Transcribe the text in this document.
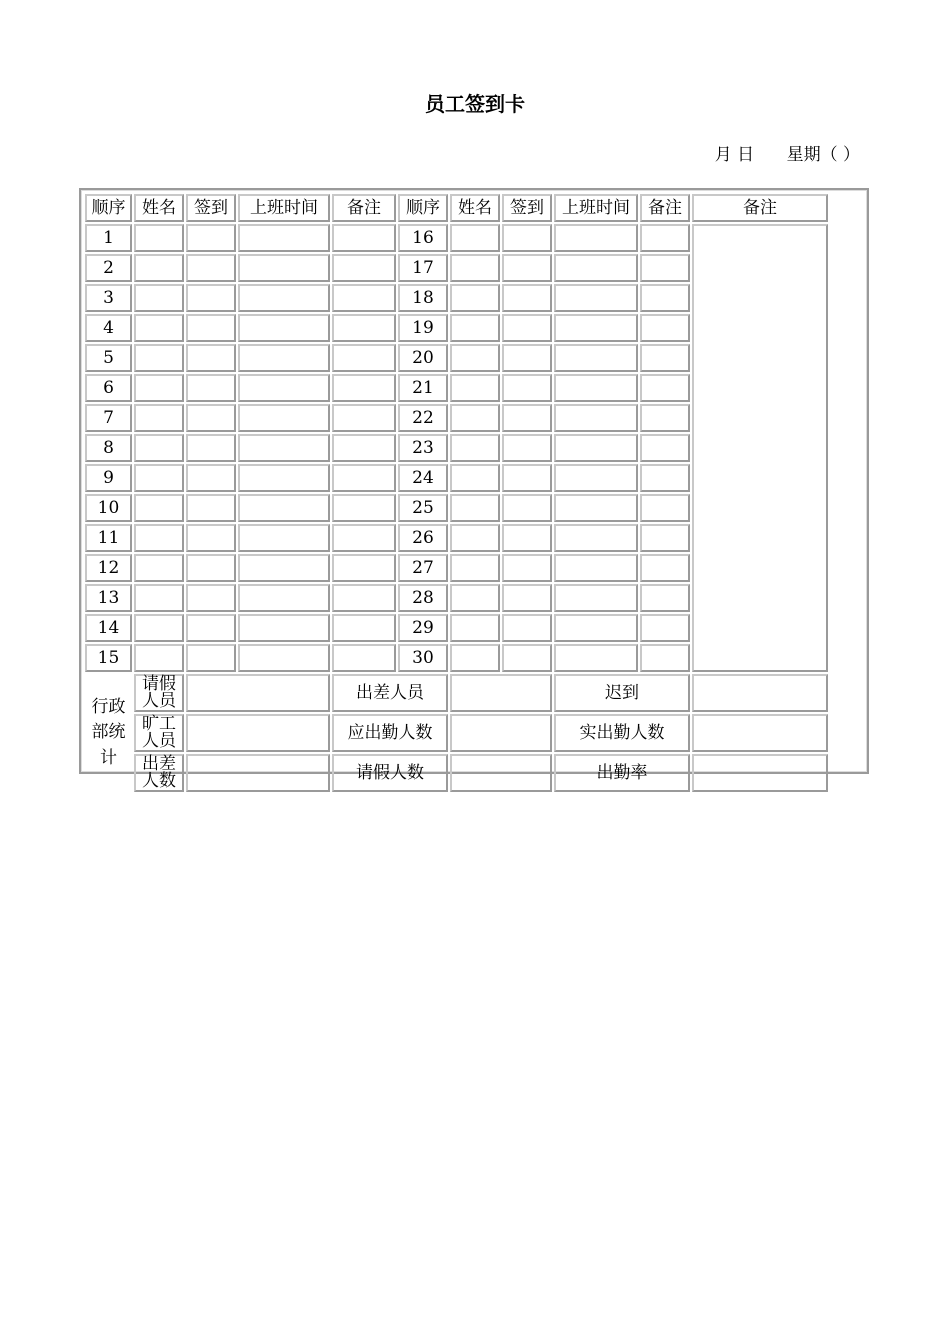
员工签到卡
月 日 星期（ ）
顺序	姓名	签到	上班时间	备注	顺序	姓名	签到	上班时间	备注	备注
1					16					
2					17					
3					18					
4					19					
5					20					
6					21					
7					22					
8					23					
9					24					
10					25					
11					26					
12					27					
13					28					
14					29					
15					30					
行政部统计	请假人员			出差人员				迟到		
	旷工人员			应出勤人数				实出勤人数		
	出差人数			请假人数				出勤率		
